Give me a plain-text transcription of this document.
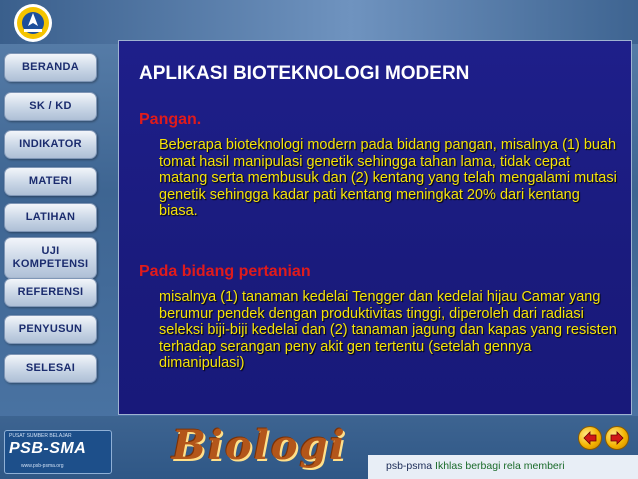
BERANDA
SK / KD
INDIKATOR
MATERI
LATIHAN
UJI
KOMPETENSI
REFERENSI
PENYUSUN
SELESAI
APLIKASI BIOTEKNOLOGI MODERN
Pangan.
Beberapa bioteknologi modern pada bidang pangan, misalnya (1) buah tomat hasil manipulasi genetik sehingga tahan lama, tidak cepat matang serta membusuk dan (2) kentang yang telah mengalami mutasi genetik sehingga kadar pati kentang meningkat 20% dari kentang biasa.
Pada bidang pertanian
misalnya (1) tanaman kedelai Tengger dan kedelai hijau Camar yang berumur pendek dengan produktivitas tinggi, diperoleh dari radiasi seleksi biji-biji kedelai dan (2) tanaman jagung dan kapas yang resisten terhadap serangan peny akit gen tertentu (setelah gennya dimanipulasi)
PUSAT SUMBER BELAJAR
PSB-SMA
www.psb-psma.org	Biologi	psb-psma Ikhlas berbagi rela memberi
